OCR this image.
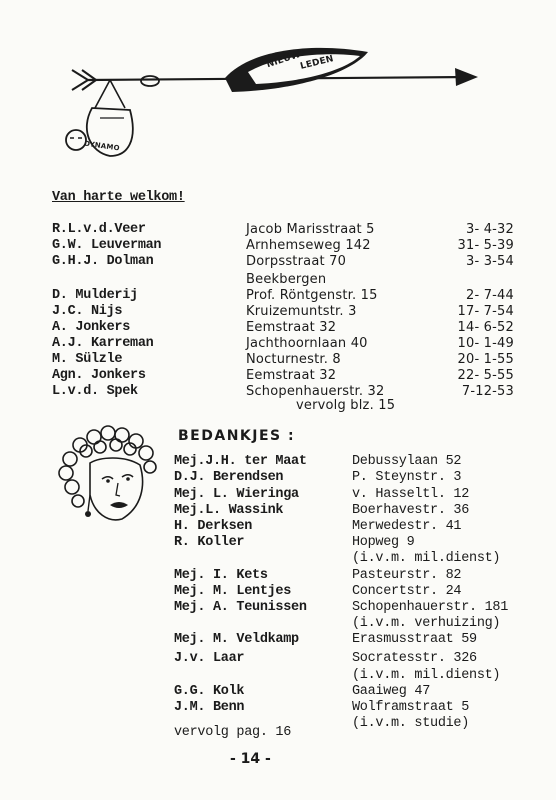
NIEUWE
LEDEN
DYNAMO
Van harte welkom!
R.L.v.d.Veer	Jacob Marisstraat 5	3- 4-32
G.W. Leuverman	Arnhemseweg 142	31- 5-39
G.H.J. Dolman	Dorpsstraat 70	3- 3-54
Beekbergen
D. Mulderij	Prof. Röntgenstr. 15	2- 7-44
J.C. Nijs	Kruizemuntstr. 3	17- 7-54
A. Jonkers	Eemstraat 32	14- 6-52
A.J. Karreman	Jachthoornlaan 40	10- 1-49
M. Sülzle	Nocturnestr. 8	20- 1-55
Agn. Jonkers	Eemstraat 32	22- 5-55
L.v.d. Spek	Schopenhauerstr. 32	7-12-53
vervolg blz. 15
BEDANKJES :
Mej.J.H. ter Maat	Debussylaan 52
D.J. Berendsen	P. Steynstr. 3
Mej. L. Wieringa	v. Hasseltl. 12
Mej.L. Wassink	Boerhavestr. 36
H. Derksen	Merwedestr. 41
R. Koller	Hopweg 9
(i.v.m. mil.dienst)
Mej. I. Kets	Pasteurstr. 82
Mej. M. Lentjes	Concertstr. 24
Mej. A. Teunissen	Schopenhauerstr. 181
(i.v.m. verhuizing)
Mej. M. Veldkamp	Erasmusstraat 59
J.v. Laar	Socratesstr. 326
(i.v.m. mil.dienst)
G.G. Kolk	Gaaiweg 47
J.M. Benn	Wolframstraat 5
(i.v.m. studie)
vervolg pag. 16
- 14 -
